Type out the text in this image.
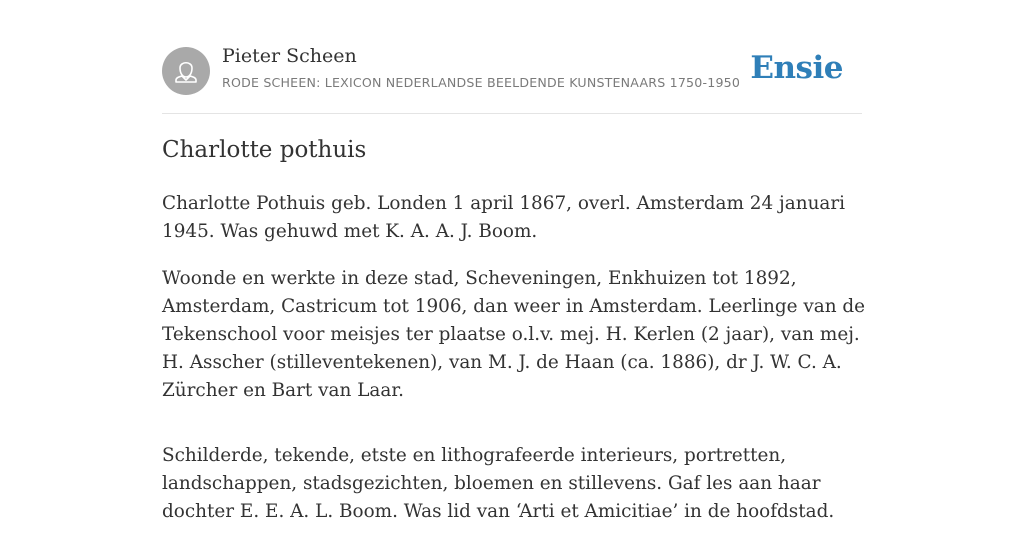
Pieter Scheen
RODE SCHEEN: LEXICON NEDERLANDSE BEELDENDE KUNSTENAARS 1750-1950 Ensie
Charlotte pothuis

Charlotte Pothuis geb. Londen 1 april 1867, overl. Amsterdam 24 januari 1945. Was gehuwd met K. A. A. J. Boom.

Woonde en werkte in deze stad, Scheveningen, Enkhuizen tot 1892, Amsterdam, Castricum tot 1906, dan weer in Amsterdam. Leerlinge van de Tekenschool voor meisjes ter plaatse o.l.v. mej. H. Kerlen (2 jaar), van mej. H. Asscher (stilleventekenen), van M. J. de Haan (ca. 1886), dr J. W. C. A. Zürcher en Bart van Laar.

Schilderde, tekende, etste en lithografeerde interieurs, portretten, landschappen, stadsgezichten, bloemen en stillevens. Gaf les aan haar dochter E. E. A. L. Boom. Was lid van ‘Arti et Amicitiae’ in de hoofdstad.
